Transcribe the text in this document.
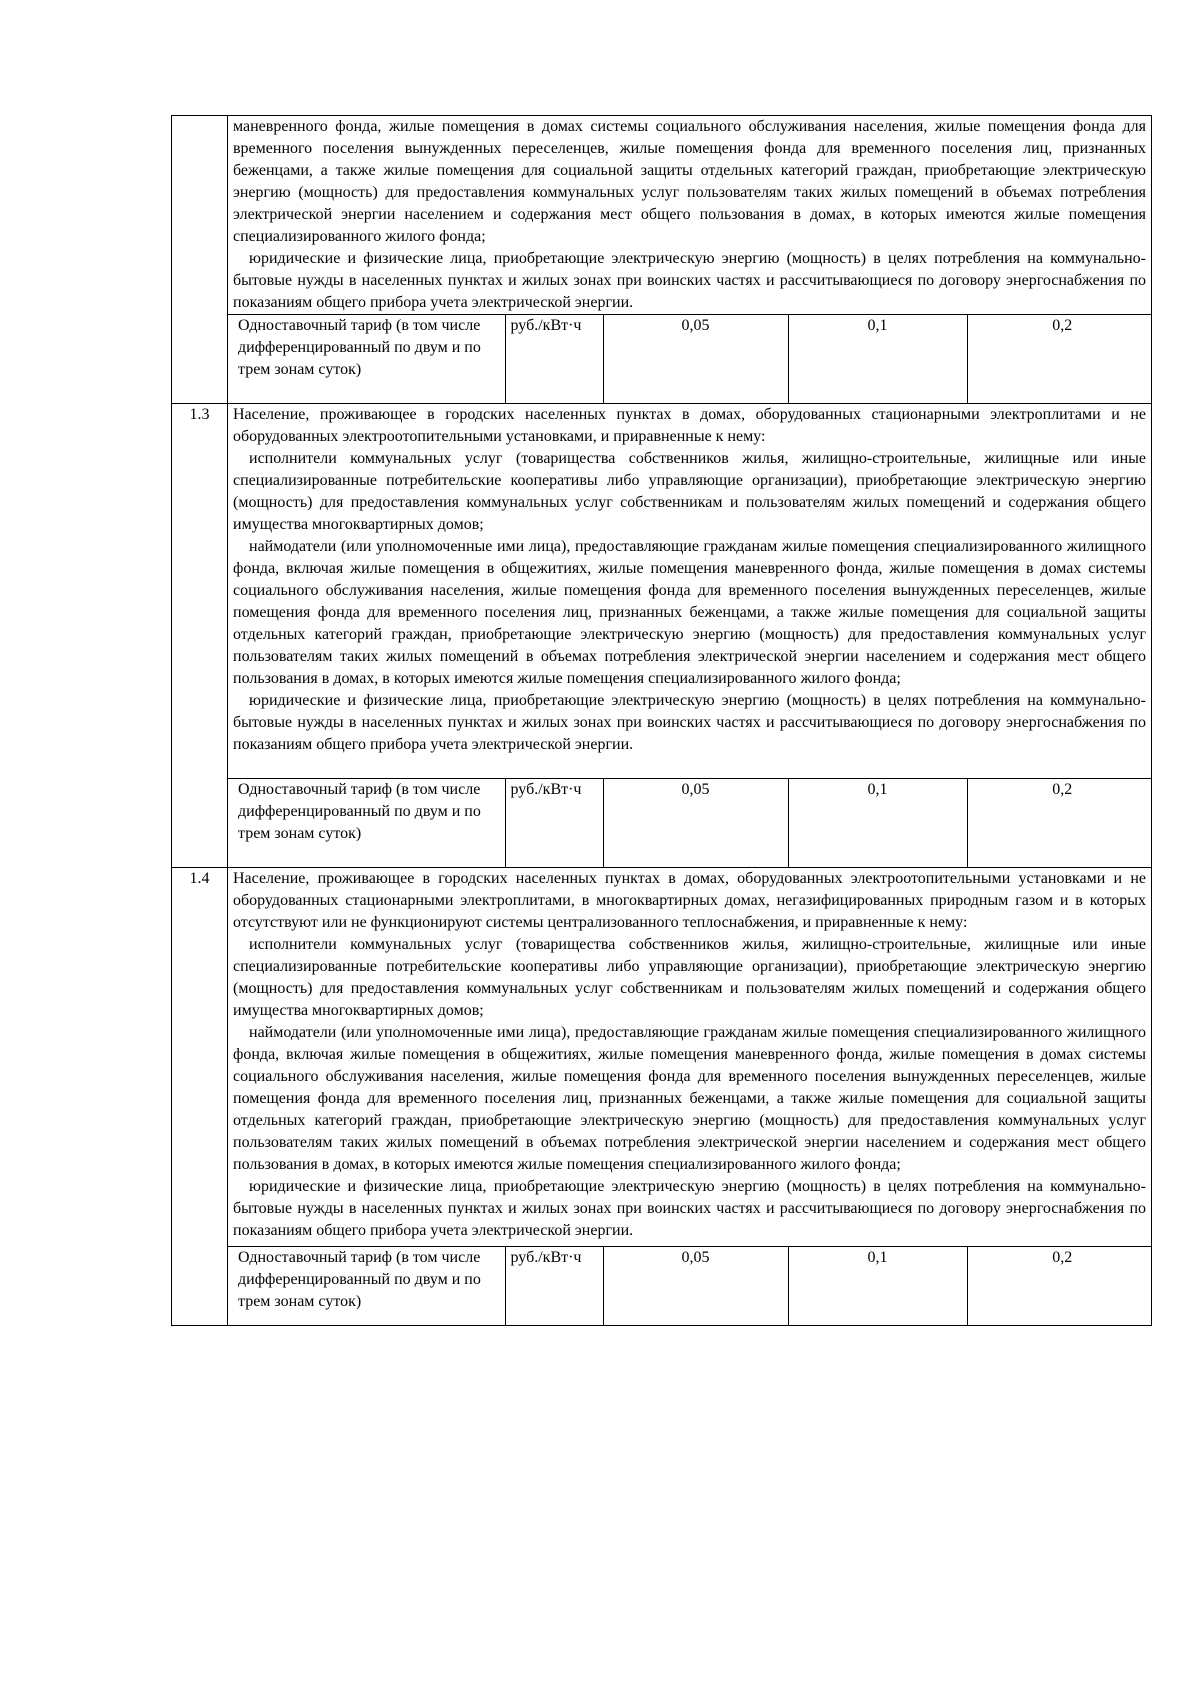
маневренного фонда, жилые помещения в домах системы социального обслуживания населения, жилые помещения фонда для временного поселения вынужденных переселенцев, жилые помещения фонда для временного поселения лиц, признанных беженцами, а также жилые помещения для социальной защиты отдельных категорий граждан, приобретающие электрическую энергию (мощность) для предоставления коммунальных услуг пользователям таких жилых помещений в объемах потребления электрической энергии населением и содержания мест общего пользования в домах, в которых имеются жилые помещения специализированного жилого фонда;

юридические и физические лица, приобретающие электрическую энергию (мощность) в целях потребления на коммунально-бытовые нужды в населенных пунктах и жилых зонах при воинских частях и рассчитывающиеся по договору энергоснабжения по показаниям общего прибора учета электрической энергии.

Одноставочный тариф (в том числе дифференцированный по двум и по трем зонам суток)	руб./кВт·ч	0,05	0,1	0,2

1.3	Население, проживающее в городских населенных пунктах в домах, оборудованных стационарными электроплитами и не оборудованных электроотопительными установками, и приравненные к нему:

исполнители коммунальных услуг (товарищества собственников жилья, жилищно-строительные, жилищные или иные специализированные потребительские кооперативы либо управляющие организации), приобретающие электрическую энергию (мощность) для предоставления коммунальных услуг собственникам и пользователям жилых помещений и содержания общего имущества многоквартирных домов;

наймодатели (или уполномоченные ими лица), предоставляющие гражданам жилые помещения специализированного жилищного фонда, включая жилые помещения в общежитиях, жилые помещения маневренного фонда, жилые помещения в домах системы социального обслуживания населения, жилые помещения фонда для временного поселения вынужденных переселенцев, жилые помещения фонда для временного поселения лиц, признанных беженцами, а также жилые помещения для социальной защиты отдельных категорий граждан, приобретающие электрическую энергию (мощность) для предоставления коммунальных услуг пользователям таких жилых помещений в объемах потребления электрической энергии населением и содержания мест общего пользования в домах, в которых имеются жилые помещения специализированного жилого фонда;

юридические и физические лица, приобретающие электрическую энергию (мощность) в целях потребления на коммунально-бытовые нужды в населенных пунктах и жилых зонах при воинских частях и рассчитывающиеся по договору энергоснабжения по показаниям общего прибора учета электрической энергии.

Одноставочный тариф (в том числе дифференцированный по двум и по трем зонам суток)	руб./кВт·ч	0,05	0,1	0,2

1.4	Население, проживающее в городских населенных пунктах в домах, оборудованных электроотопительными установками и не оборудованных стационарными электроплитами, в многоквартирных домах, негазифицированных природным газом и в которых отсутствуют или не функционируют системы централизованного теплоснабжения, и приравненные к нему:

исполнители коммунальных услуг (товарищества собственников жилья, жилищно-строительные, жилищные или иные специализированные потребительские кооперативы либо управляющие организации), приобретающие электрическую энергию (мощность) для предоставления коммунальных услуг собственникам и пользователям жилых помещений и содержания общего имущества многоквартирных домов;

наймодатели (или уполномоченные ими лица), предоставляющие гражданам жилые помещения специализированного жилищного фонда, включая жилые помещения в общежитиях, жилые помещения маневренного фонда, жилые помещения в домах системы социального обслуживания населения, жилые помещения фонда для временного поселения вынужденных переселенцев, жилые помещения фонда для временного поселения лиц, признанных беженцами, а также жилые помещения для социальной защиты отдельных категорий граждан, приобретающие электрическую энергию (мощность) для предоставления коммунальных услуг пользователям таких жилых помещений в объемах потребления электрической энергии населением и содержания мест общего пользования в домах, в которых имеются жилые помещения специализированного жилого фонда;

юридические и физические лица, приобретающие электрическую энергию (мощность) в целях потребления на коммунально-бытовые нужды в населенных пунктах и жилых зонах при воинских частях и рассчитывающиеся по договору энергоснабжения по показаниям общего прибора учета электрической энергии.

Одноставочный тариф (в том числе дифференцированный по двум и по трем зонам суток)	руб./кВт·ч	0,05	0,1	0,2
